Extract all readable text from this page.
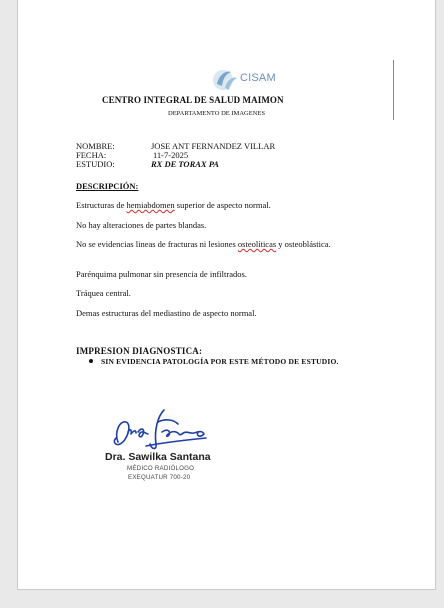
CISAM
CENTRO INTEGRAL DE SALUD MAIMON
DEPARTAMENTO DE IMAGENES
NOMBRE:	JOSE ANT FERNANDEZ VILLAR
FECHA:	11-7-2025
ESTUDIO:	RX DE TORAX PA
DESCRIPCIÓN:
Estructuras de hemiabdomen superior de aspecto normal.
No hay alteraciones de partes blandas.
No se evidencias lineas de fracturas ni lesiones osteolíticas y osteoblástica.
Parénquima pulmonar sin presencia de infiltrados.
Tráquea central.
Demas estructuras del mediastino de aspecto normal.
IMPRESION DIAGNOSTICA:
SIN EVIDENCIA PATOLOGÍA POR ESTE MÉTODO DE ESTUDIO.
Dra. Sawilka Santana
MÉDICO RADIÓLOGO
EXEQUATUR 700-20
